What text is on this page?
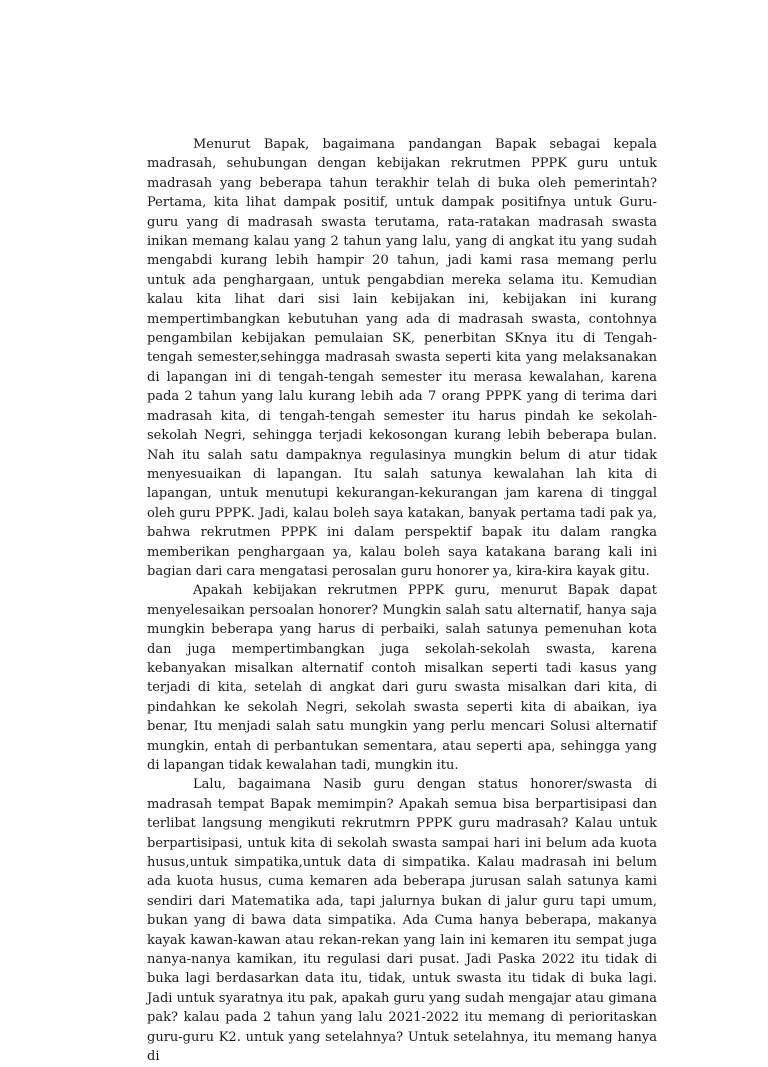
Menurut Bapak, bagaimana pandangan Bapak sebagai kepala madrasah, sehubungan dengan kebijakan rekrutmen PPPK guru untuk madrasah yang beberapa tahun terakhir telah di buka oleh pemerintah? Pertama, kita lihat dampak positif, untuk dampak positifnya untuk Guru-guru yang di madrasah swasta terutama, rata-ratakan madrasah swasta inikan memang kalau yang 2 tahun yang lalu, yang di angkat itu yang sudah mengabdi kurang lebih hampir 20 tahun, jadi kami rasa memang perlu untuk ada penghargaan, untuk pengabdian mereka selama itu. Kemudian kalau kita lihat dari sisi lain kebijakan ini, kebijakan ini kurang mempertimbangkan kebutuhan yang ada di madrasah swasta, contohnya pengambilan kebijakan pemulaian SK, penerbitan SKnya itu di Tengah-tengah semester,sehingga madrasah swasta seperti kita yang melaksanakan di lapangan ini di tengah-tengah semester itu merasa kewalahan, karena pada 2 tahun yang lalu kurang lebih ada 7 orang PPPK yang di terima dari madrasah kita, di tengah-tengah semester itu harus pindah ke sekolah-sekolah Negri, sehingga terjadi kekosongan kurang lebih beberapa bulan. Nah itu salah satu dampaknya regulasinya mungkin belum di atur tidak menyesuaikan di lapangan. Itu salah satunya kewalahan lah kita di lapangan, untuk menutupi kekurangan-kekurangan jam karena di tinggal oleh guru PPPK. Jadi, kalau boleh saya katakan, banyak pertama tadi pak ya, bahwa rekrutmen PPPK ini dalam perspektif bapak itu dalam rangka memberikan penghargaan ya, kalau boleh saya katakana barang kali ini bagian dari cara mengatasi perosalan guru honorer ya, kira-kira kayak gitu.

Apakah kebijakan rekrutmen PPPK guru, menurut Bapak dapat menyelesaikan persoalan honorer? Mungkin salah satu alternatif, hanya saja mungkin beberapa yang harus di perbaiki, salah satunya pemenuhan kota dan juga mempertimbangkan juga sekolah-sekolah swasta, karena kebanyakan misalkan alternatif contoh misalkan seperti tadi kasus yang terjadi di kita, setelah di angkat dari guru swasta misalkan dari kita, di pindahkan ke sekolah Negri, sekolah swasta seperti kita di abaikan, iya benar, Itu menjadi salah satu mungkin yang perlu mencari Solusi alternatif mungkin, entah di perbantukan sementara, atau seperti apa, sehingga yang di lapangan tidak kewalahan tadi, mungkin itu.

Lalu, bagaimana Nasib guru dengan status honorer/swasta di madrasah tempat Bapak memimpin? Apakah semua bisa berpartisipasi dan terlibat langsung mengikuti rekrutmrn PPPK guru madrasah? Kalau untuk berpartisipasi, untuk kita di sekolah swasta sampai hari ini belum ada kuota husus,untuk simpatika,untuk data di simpatika. Kalau madrasah ini belum ada kuota husus, cuma kemaren ada beberapa jurusan salah satunya kami sendiri dari Matematika ada, tapi jalurnya bukan di jalur guru tapi umum, bukan yang di bawa data simpatika. Ada Cuma hanya beberapa, makanya kayak kawan-kawan atau rekan-rekan yang lain ini kemaren itu sempat juga nanya-nanya kamikan, itu regulasi dari pusat. Jadi Paska 2022 itu tidak di buka lagi berdasarkan data itu, tidak, untuk swasta itu tidak di buka lagi. Jadi untuk syaratnya itu pak, apakah guru yang sudah mengajar atau gimana pak? kalau pada 2 tahun yang lalu 2021-2022 itu memang di perioritaskan guru-guru K2. untuk yang setelahnya? Untuk setelahnya, itu memang hanya di
